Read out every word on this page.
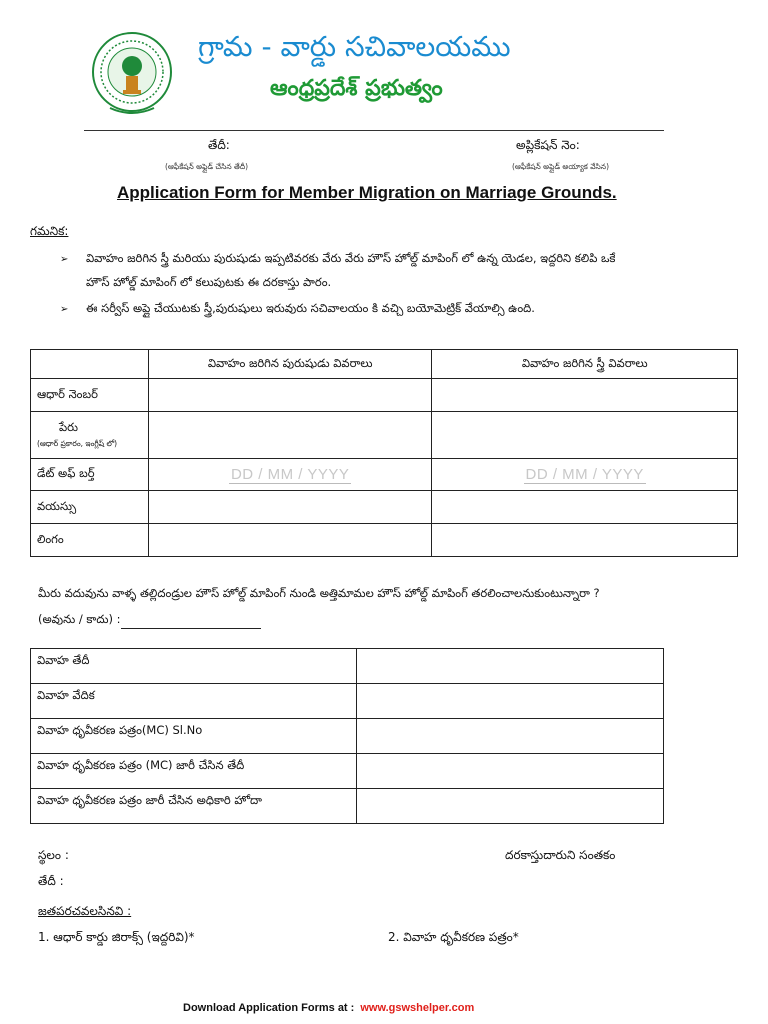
గ్రామ - వార్డు సచివాలయము
ఆంధ్రప్రదేశ్ ప్రభుత్వం
తేదీ:
(ఆఫీకేషన్ అఫ్లైడ్ చేసిన తేదీ)
అప్లికేషన్ నెం:
(ఆఫీకేషన్ అప్లైడ్ అయ్యాక వేసిన)
Application Form for Member Migration on Marriage Grounds.
గమనిక:
➢ వివాహం జరిగిన స్త్రీ మరియు పురుషుడు ఇప్పటివరకు వేరు వేరు హౌస్ హోల్డ్ మాపింగ్ లో ఉన్న యెడల, ఇద్దరిని కలిపి ఒకే
హౌస్ హోల్డ్ మాపింగ్ లో కలుపుటకు ఈ దరకాస్తు పారం.
➢ ఈ సర్వీస్ అప్లై చేయుటకు స్త్రీ,పురుషులు ఇరువురు సచివాలయం కి వచ్చి బయోమెట్రిక్ వేయాల్సి ఉంది.
	వివాహం జరిగిన పురుషుడు వివరాలు	వివాహం జరిగిన స్త్రీ వివరాలు
ఆధార్ నెంబర్		
పేరు
(ఆధార్ ప్రకారం, ఇంగ్లీష్ లో)		

డేట్ అఫ్ బర్త్	DD / MM / YYYY	DD / MM / YYYY
వయస్సు		
లింగం		
మీరు వదువును వాళ్ళ తల్లిదండ్రుల హౌస్ హోల్డ్ మాపింగ్ నుండి అత్తిమామల హౌస్ హోల్డ్ మాపింగ్ తరలించాలనుకుంటున్నారా ?
(అవును / కాదు) :
వివాహ తేదీ	
వివాహ వేదిక	
వివాహ ధృవీకరణ పత్రం(MC) Sl.No	
వివాహ ధృవీకరణ పత్రం (MC) జారీ చేసిన తేదీ	
వివాహ ధృవీకరణ పత్రం జారీ చేసిన అధికారి హోదా	
స్థలం :	దరకాస్తుదారుని సంతకం
తేదీ :
జతపరచవలసినవి :
1. ఆధార్ కార్డు జిరాక్స్ (ఇద్దరివి)*	2. వివాహ ధృవీకరణ పత్రం*
Download Application Forms at : www.gswshelper.com
